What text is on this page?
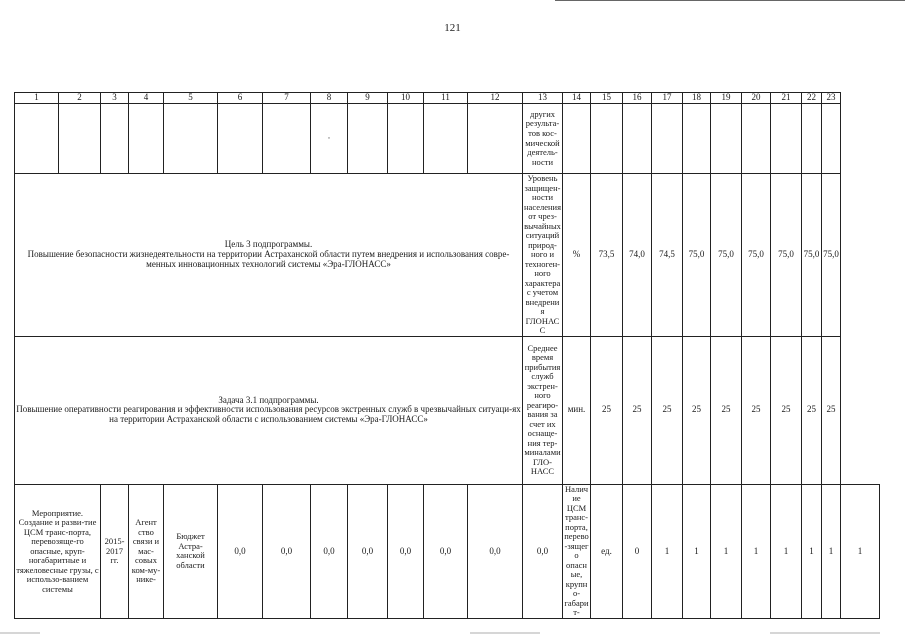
121
1	2	3	4	5	6	7	8	9	10	11	12	13	14	15	16	17	18	19	20	21	22	23	
							·					других результа-тов кос-мической деятель-ности											

Цель 3 подпрограммы.
Повышение безопасности жизнедеятельности на территории Астраханской области путем внедрения и использования совре-менных инновационных технологий системы «Эра-ГЛОНАСС»												Уровень защищен-ности населения от чрез-вычайных ситуаций природ-ного и техноген-ного характера с учетом внедрения ГЛОНАСС	%	73,5	74,0	74,5	75,0	75,0	75,0	75,0	75,0	75,0	

Задача 3.1 подпрограммы.
Повышение оперативности реагирования и эффективности использования ресурсов экстренных служб в чрезвычайных ситуаци-ях на территории Астраханской области с использованием системы «Эра-ГЛОНАСС»												Среднее время прибытия служб экстрен-ного реагиро-вания за счет их оснаще-ния тер-миналами ГЛО-НАСС	мин.	25	25	25	25	25	25	25	25	25	
Мероприятие. Создание и разви-тие ЦСМ транс-порта, перевозяще-го опасные, круп-ногабаритные и тяжеловесные грузы, с использо-ванием системы		2015-2017 гг.	Агент ство связи и мас-совых ком-му-нике-	Бюджет Астра-ханской области	0,0	0,0	0,0	0,0	0,0	0,0	0,0	0,0	Наличие ЦСМ транс-порта, перево-зящего опасные, крупно-габарит-	ед.	0	1	1	1	1	1	1	1	1
